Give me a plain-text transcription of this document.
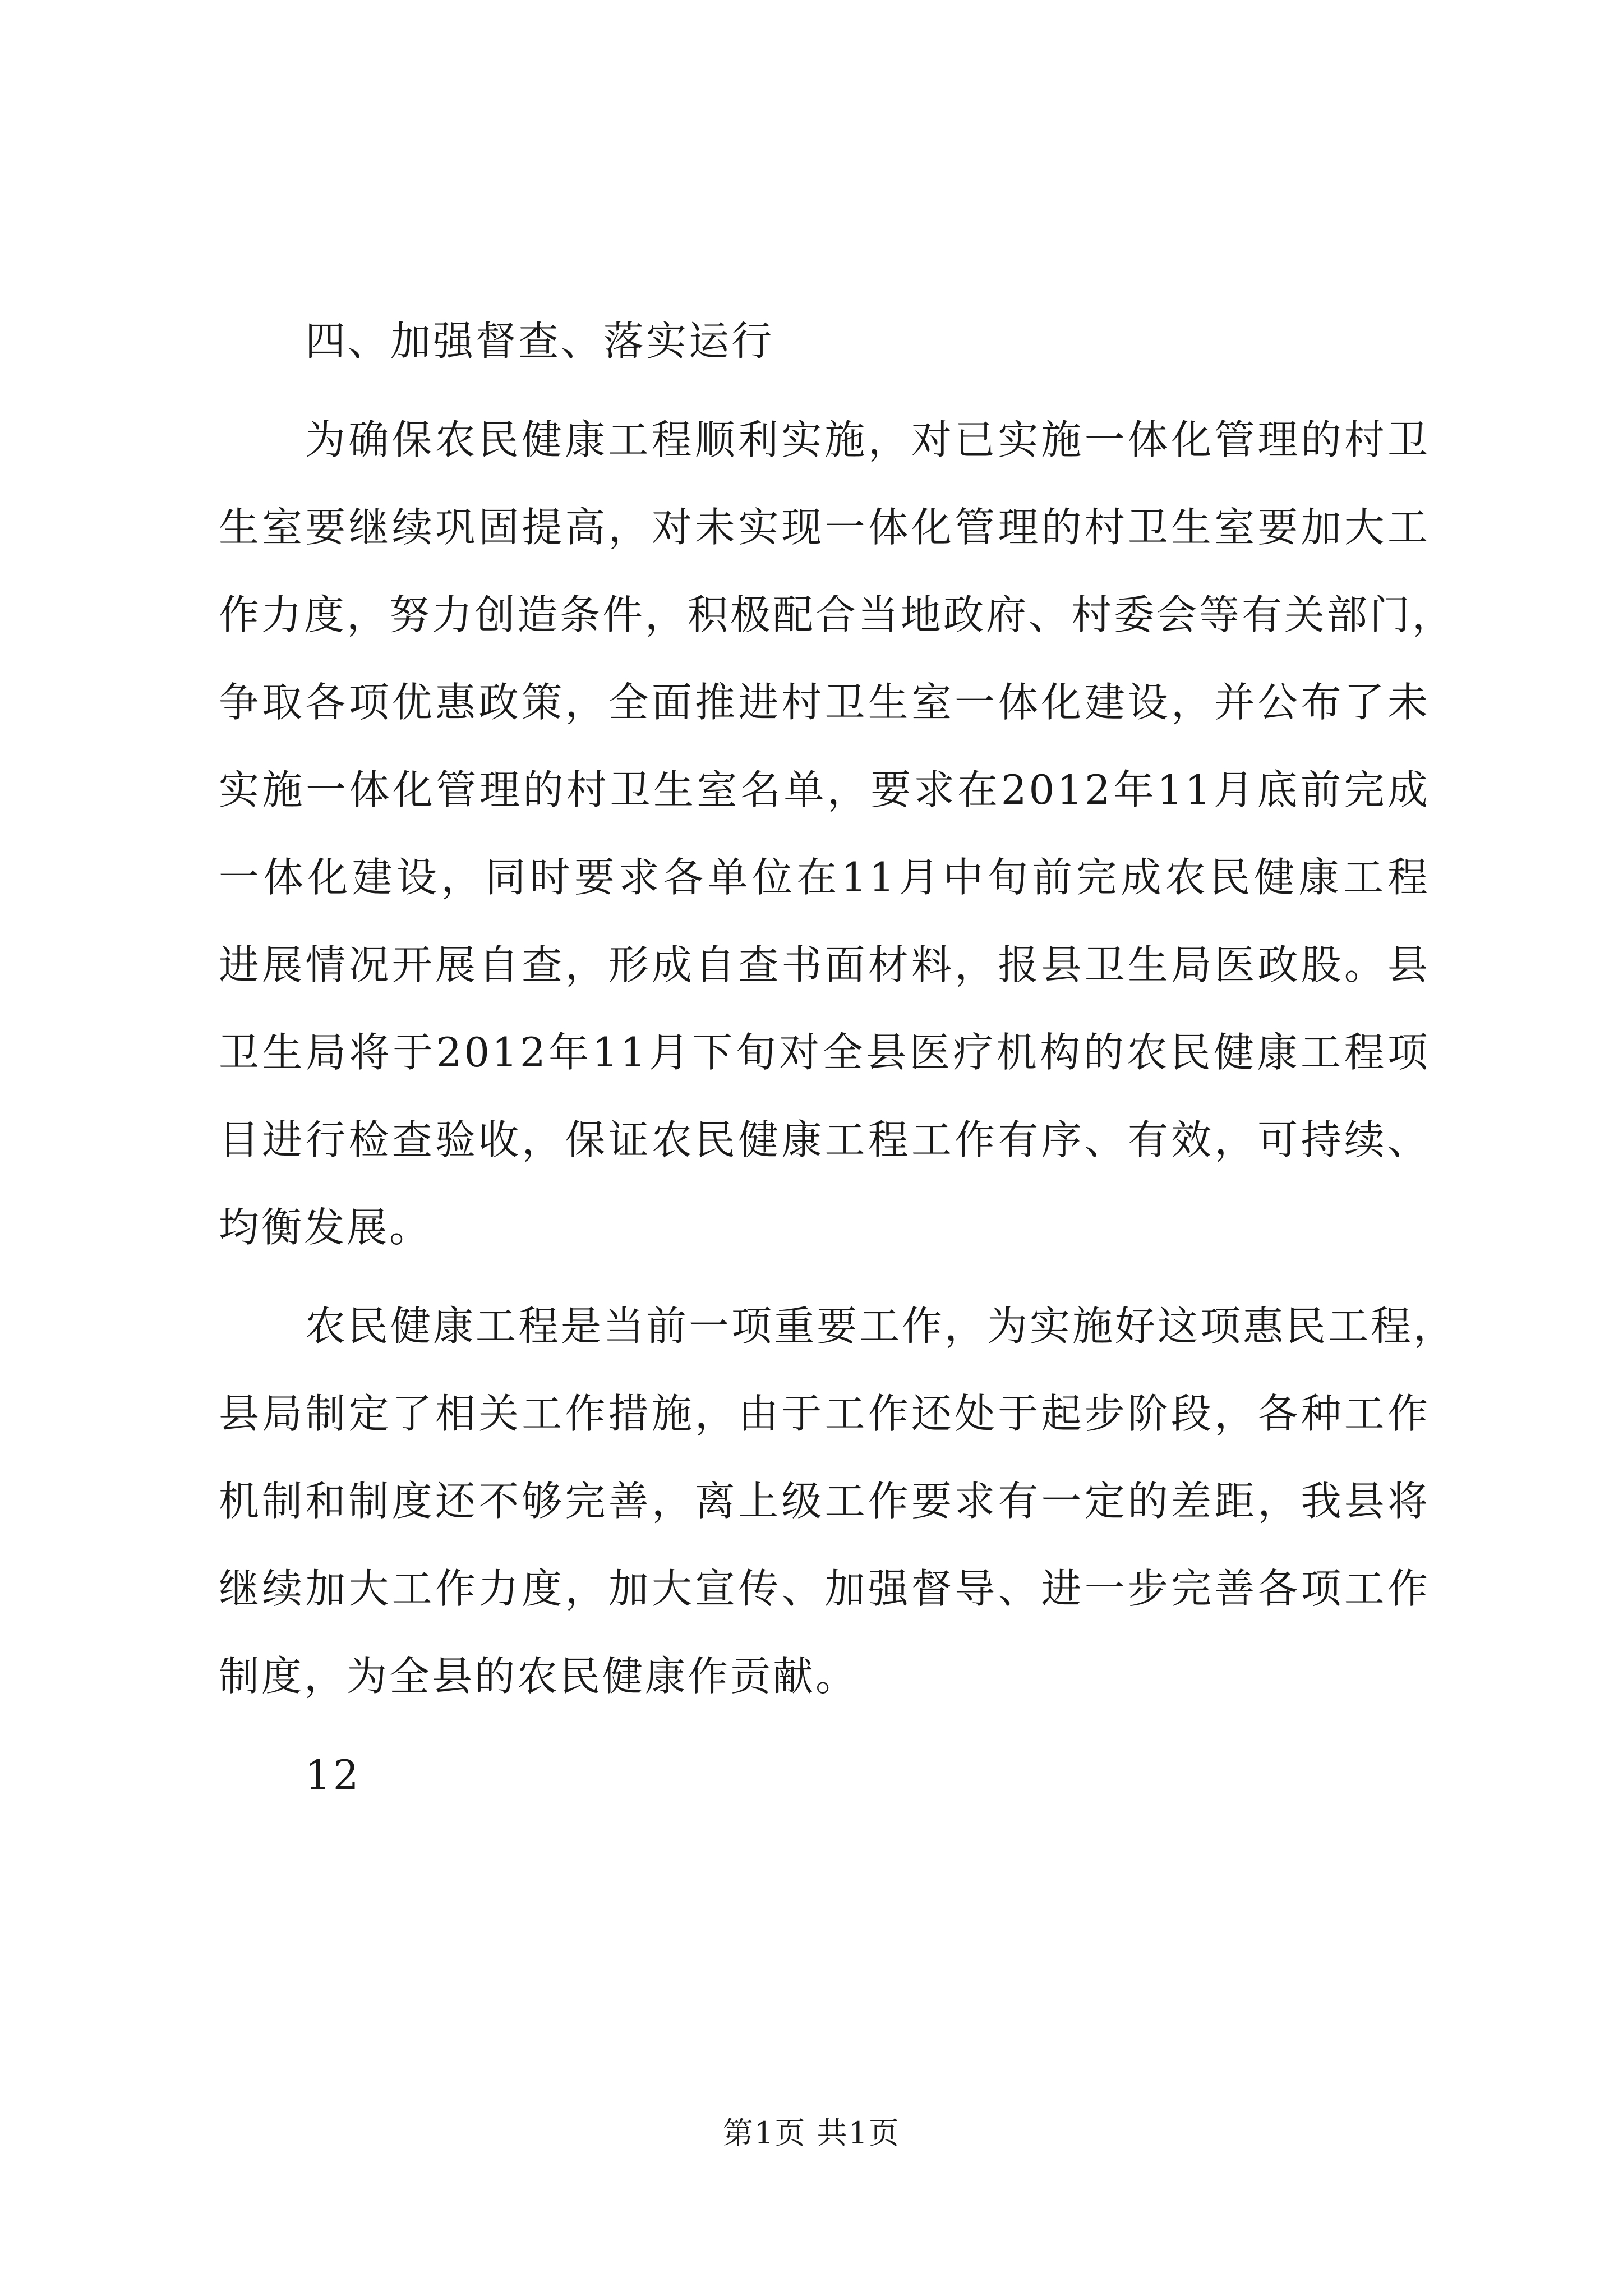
四、加强督查、落实运行
为确保农民健康工程顺利实施，对已实施一体化管理的村卫
生室要继续巩固提高，对未实现一体化管理的村卫生室要加大工
作力度，努力创造条件，积极配合当地政府、村委会等有关部门，
争取各项优惠政策，全面推进村卫生室一体化建设，并公布了未
实施一体化管理的村卫生室名单，要求在2012年11月底前完成
一体化建设，同时要求各单位在11月中旬前完成农民健康工程
进展情况开展自查，形成自查书面材料，报县卫生局医政股。县
卫生局将于2012年11月下旬对全县医疗机构的农民健康工程项
目进行检查验收，保证农民健康工程工作有序、有效，可持续、
均衡发展。
农民健康工程是当前一项重要工作，为实施好这项惠民工程，
县局制定了相关工作措施，由于工作还处于起步阶段，各种工作
机制和制度还不够完善，离上级工作要求有一定的差距，我县将
继续加大工作力度，加大宣传、加强督导、进一步完善各项工作
制度，为全县的农民健康作贡献。
12
第1页 共1页
